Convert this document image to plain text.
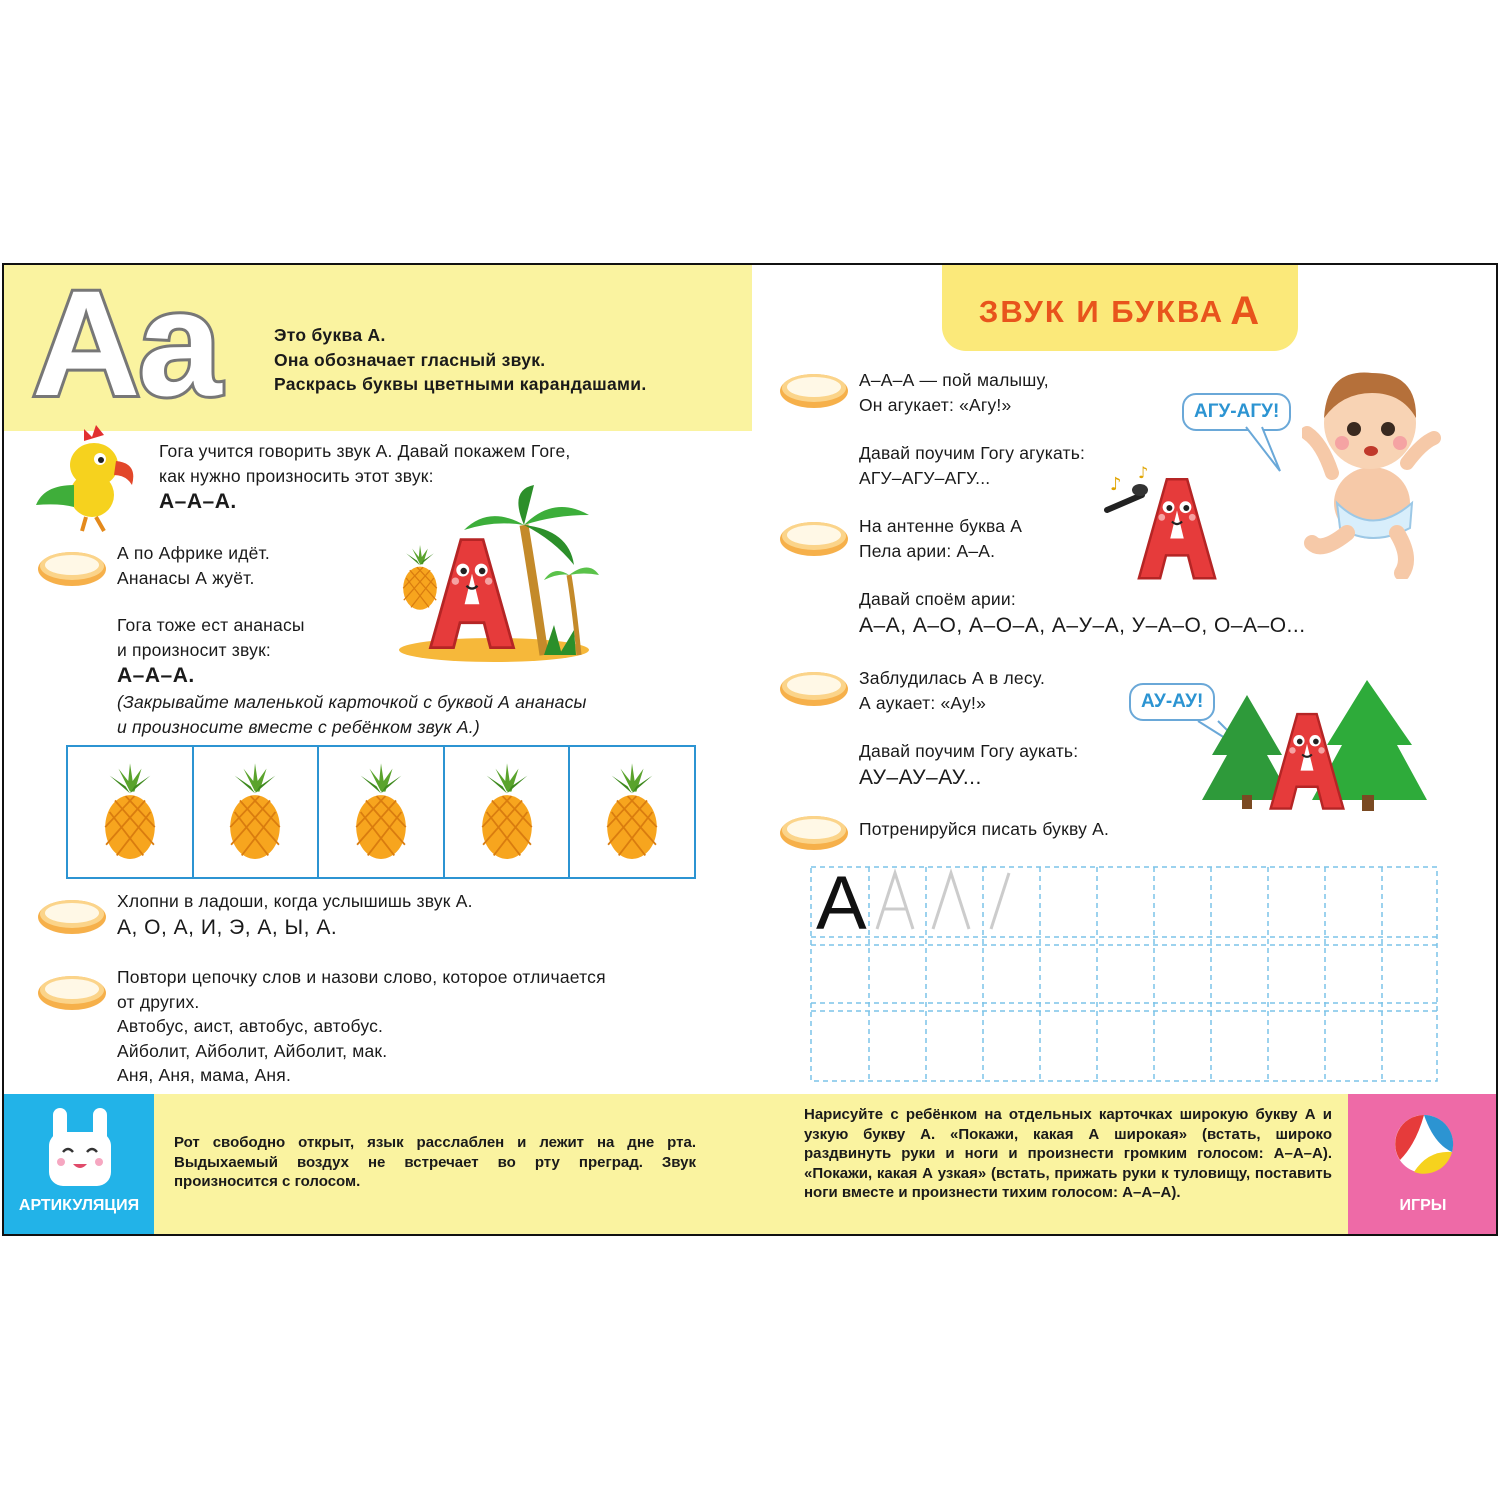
Аа	Это буква А.
Она обозначает гласный звук.
Раскрась буквы цветными карандашами.
ЗВУК И БУКВА А
Гога учится говорить звук А. Давай покажем Гоге,
как нужно произносить этот звук:
А–А–А.
А по Африке идёт.
Ананасы А жуёт.
Гога тоже ест ананасы
и произносит звук:
А–А–А.
(Закрывайте маленькой карточкой с буквой А ананасы
и произносите вместе с ребёнком звук А.)
Хлопни в ладоши, когда услышишь звук А.
А, О, А, И, Э, А, Ы, А.
Повтори цепочку слов и назови слово, которое отличается
от других.
Автобус, аист, автобус, автобус.
Айболит, Айболит, Айболит, мак.
Аня, Аня, мама, Аня.
А–А–А — пой малышу,
Он агукает: «Агу!»
Давай поучим Гогу агукать:
АГУ–АГУ–АГУ...
АГУ-АГУ!
♪
♪
На антенне буква А
Пела арии: А–А.
Давай споём арии:
А–А, А–О, А–О–А, А–У–А, У–А–О, О–А–О...
Заблудилась А в лесу.
А аукает: «Ау!»
Давай поучим Гогу аукать:
АУ–АУ–АУ...
АУ-АУ!
Потренируйся писать букву А.
А
АРТИКУЛЯЦИЯ
Рот свободно открыт, язык расслаблен и лежит на дне рта. Выдыхаемый воздух не встречает во рту преград. Звук произносится с голосом.
Нарисуйте с ребёнком на отдельных карточках широкую букву А и узкую букву А. «Покажи, какая А широкая» (встать, широко раздвинуть руки и ноги и произнести громким голосом: А–А–А). «Покажи, какая А узкая» (встать, прижать руки к туловищу, поставить ноги вместе и произнести тихим голосом: А–А–А).
ИГРЫ
